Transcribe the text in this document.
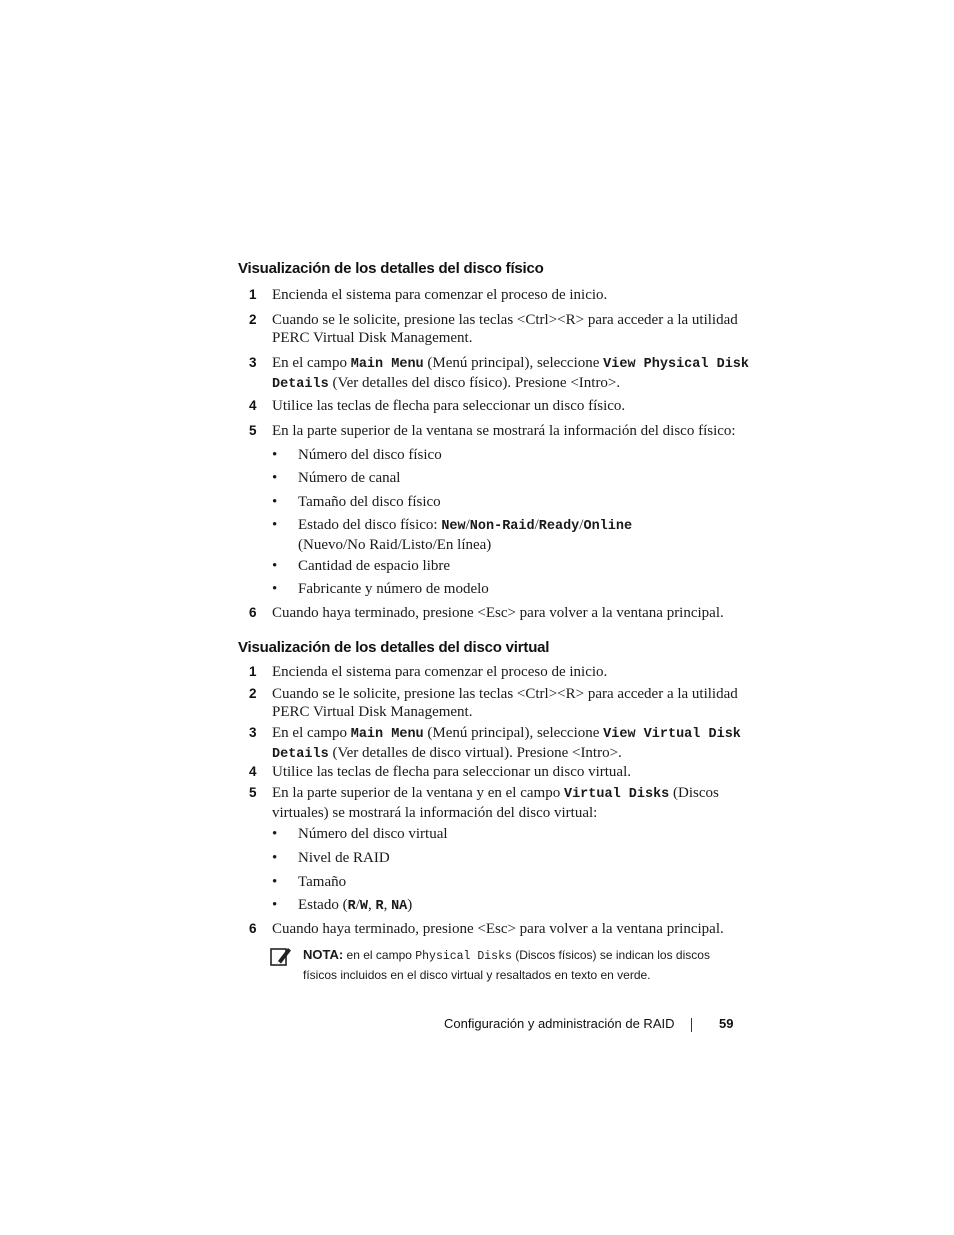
Visualización de los detalles del disco físico
1 Encienda el sistema para comenzar el proceso de inicio.
2 Cuando se le solicite, presione las teclas <Ctrl><R> para acceder a la utilidad PERC Virtual Disk Management.
3 En el campo Main Menu (Menú principal), seleccione View Physical Disk Details (Ver detalles del disco físico). Presione <Intro>.
4 Utilice las teclas de flecha para seleccionar un disco físico.
5 En la parte superior de la ventana se mostrará la información del disco físico:
• Número del disco físico
• Número de canal
• Tamaño del disco físico
• Estado del disco físico: New/Non-Raid/Ready/Online
(Nuevo/No Raid/Listo/En línea)
• Cantidad de espacio libre
• Fabricante y número de modelo
6 Cuando haya terminado, presione <Esc> para volver a la ventana principal.
Visualización de los detalles del disco virtual
1 Encienda el sistema para comenzar el proceso de inicio.
2 Cuando se le solicite, presione las teclas <Ctrl><R> para acceder a la utilidad PERC Virtual Disk Management.
3 En el campo Main Menu (Menú principal), seleccione View Virtual Disk Details (Ver detalles de disco virtual). Presione <Intro>.
4 Utilice las teclas de flecha para seleccionar un disco virtual.
5 En la parte superior de la ventana y en el campo Virtual Disks (Discos virtuales) se mostrará la información del disco virtual:
• Número del disco virtual
• Nivel de RAID
• Tamaño
• Estado (R/W, R, NA)
6 Cuando haya terminado, presione <Esc> para volver a la ventana principal.
NOTA: en el campo Physical Disks (Discos físicos) se indican los discos físicos incluidos en el disco virtual y resaltados en texto en verde.
Configuración y administración de RAID	59
